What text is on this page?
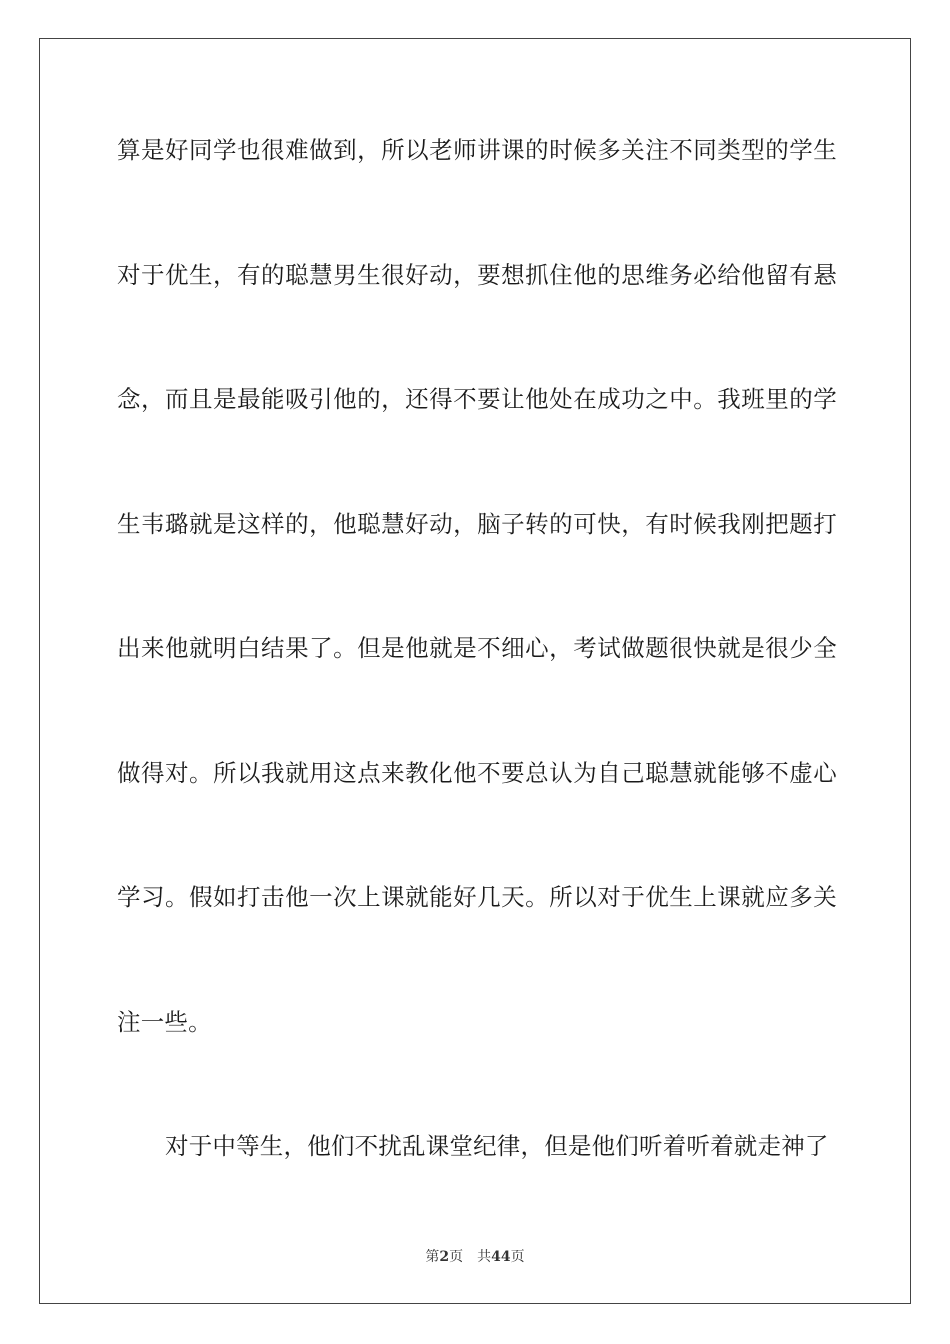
算是好同学也很难做到，所以老师讲课的时候多关注不同类型的学生
对于优生，有的聪慧男生很好动，要想抓住他的思维务必给他留有悬
念，而且是最能吸引他的，还得不要让他处在成功之中。我班里的学
生韦璐就是这样的，他聪慧好动，脑子转的可快，有时候我刚把题打
出来他就明白结果了。但是他就是不细心，考试做题很快就是很少全
做得对。所以我就用这点来教化他不要总认为自己聪慧就能够不虚心
学习。假如打击他一次上课就能好几天。所以对于优生上课就应多关
注一些。
对于中等生，他们不扰乱课堂纪律，但是他们听着听着就走神了
第2页 共44页
